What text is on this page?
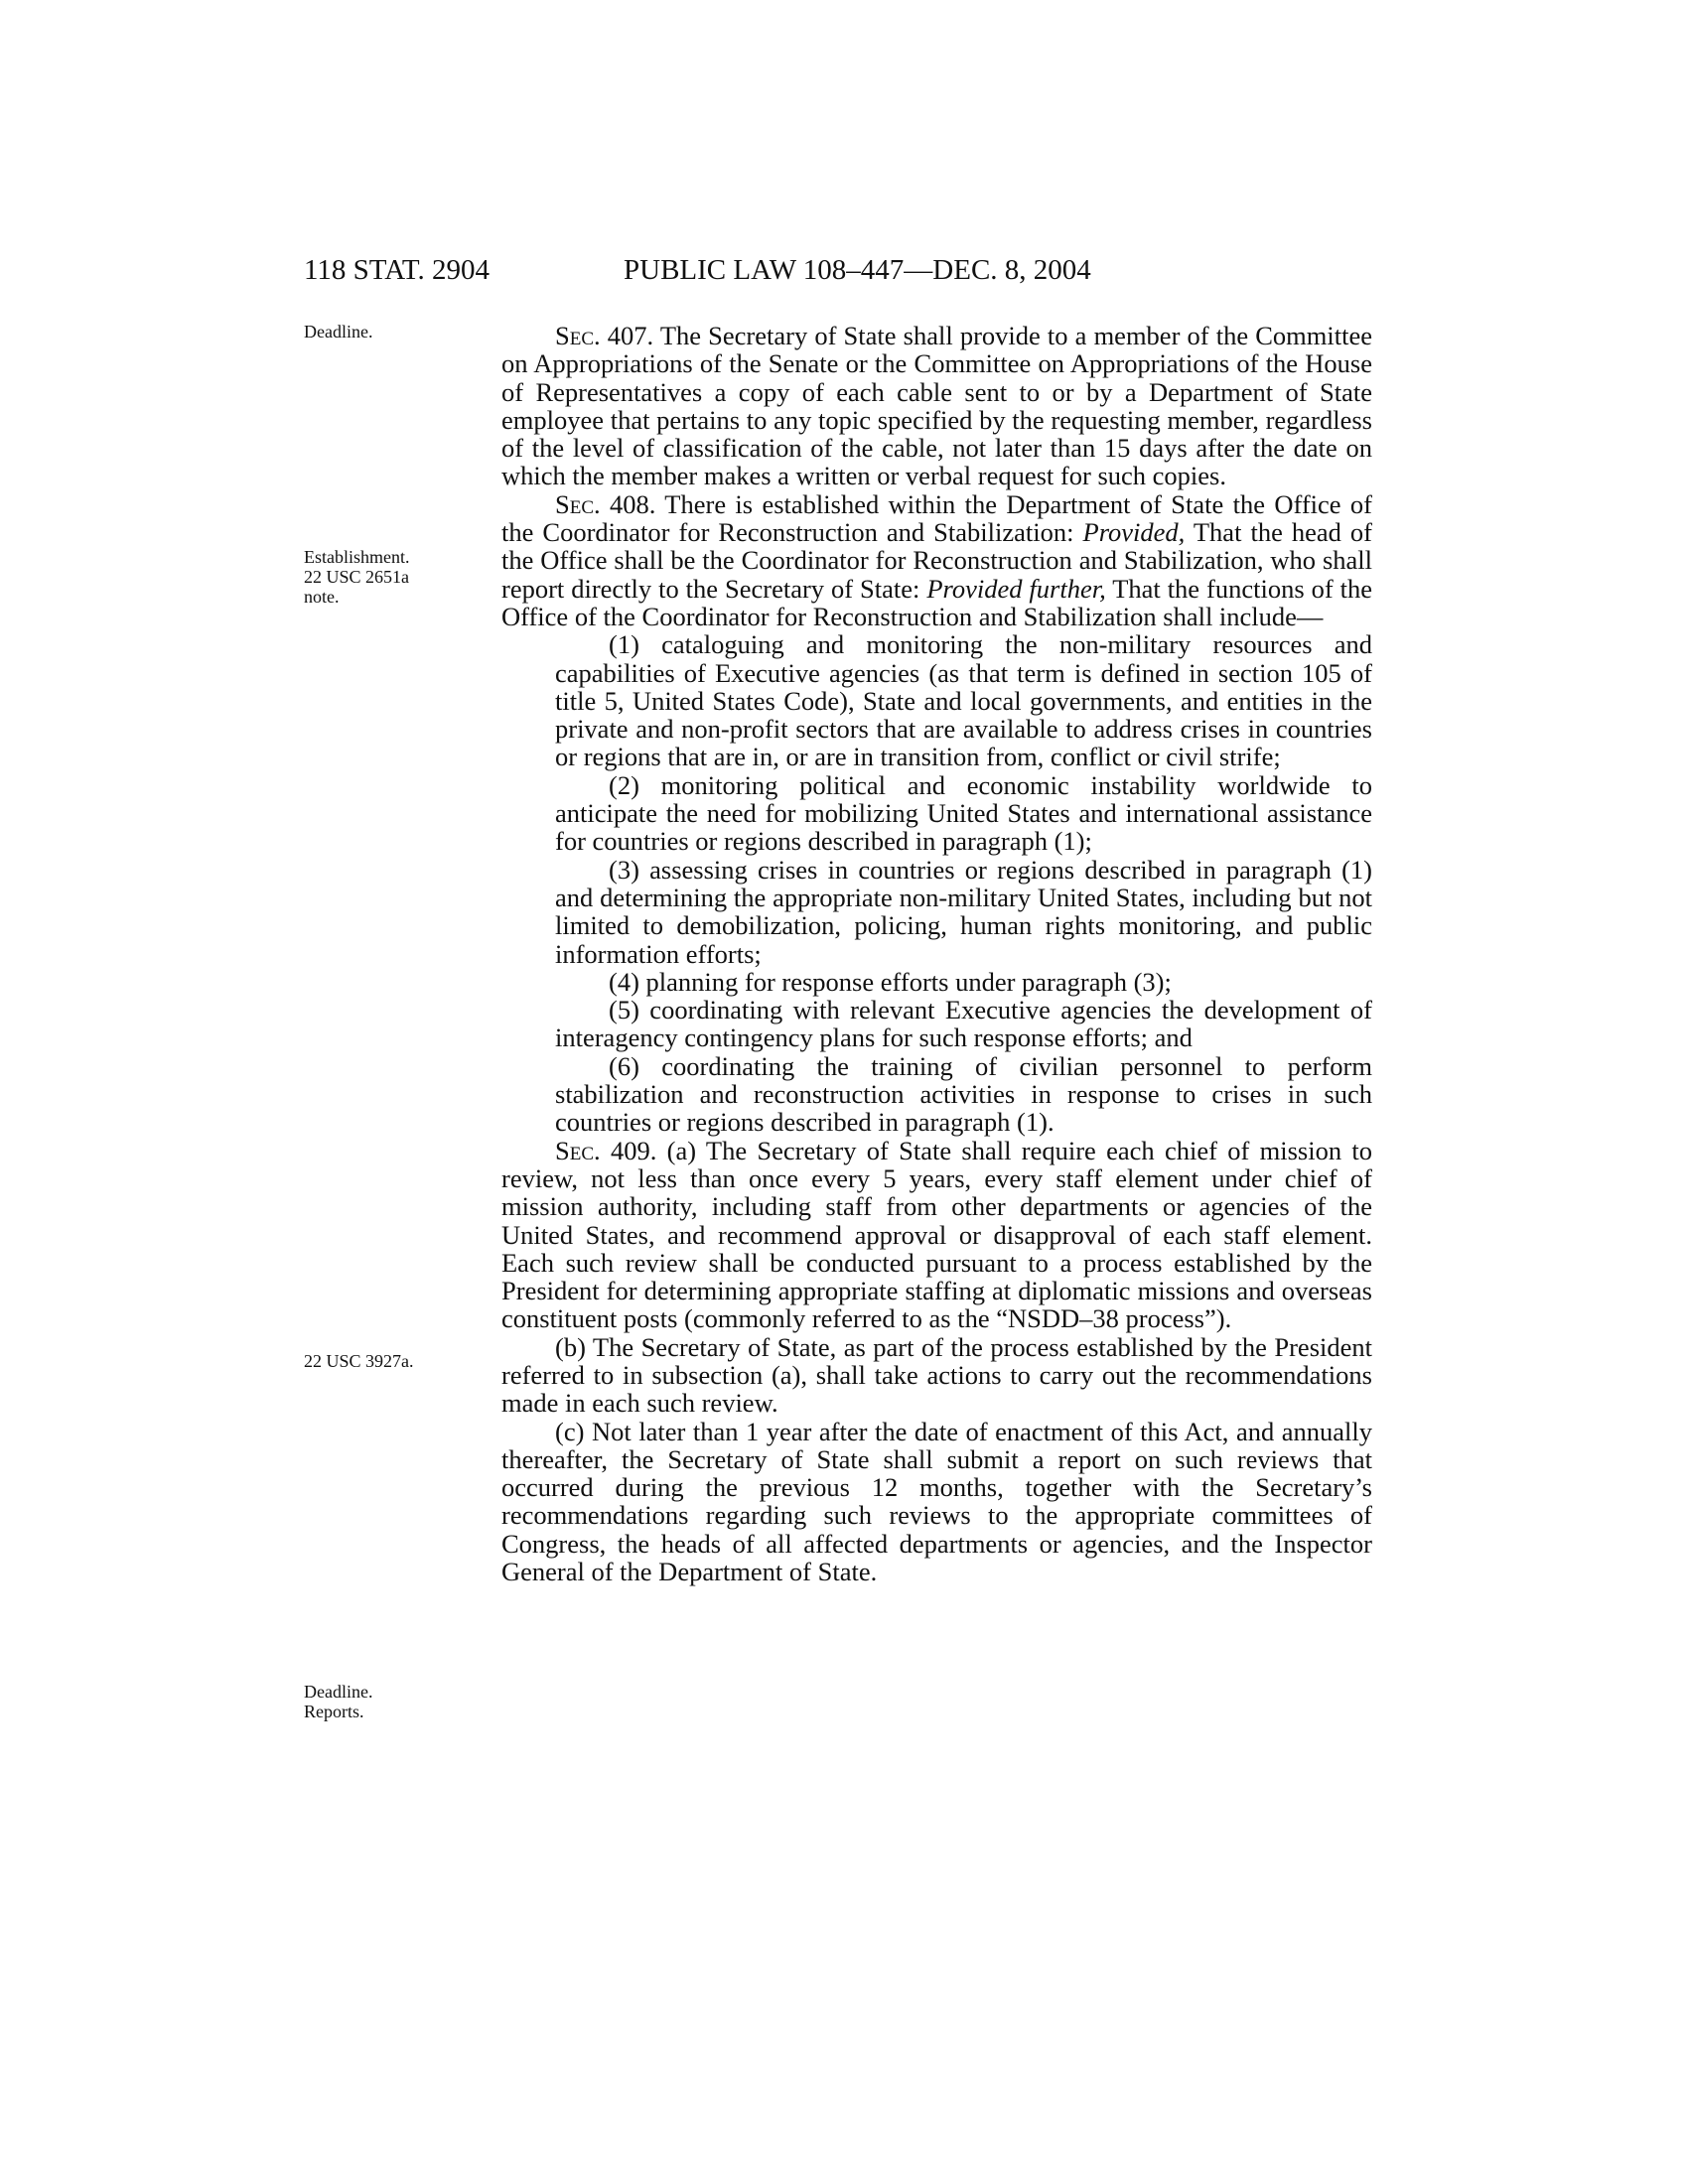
118 STAT. 2904	PUBLIC LAW 108–447—DEC. 8, 2004
Deadline.
Establishment.
22 USC 2651a
note.
22 USC 3927a.
Deadline.
Reports.

Sec. 407. The Secretary of State shall provide to a member of the Committee on Appropriations of the Senate or the Committee on Appropriations of the House of Representatives a copy of each cable sent to or by a Department of State employee that pertains to any topic specified by the requesting member, regardless of the level of classification of the cable, not later than 15 days after the date on which the member makes a written or verbal request for such copies.

Sec. 408. There is established within the Department of State the Office of the Coordinator for Reconstruction and Stabilization: Provided, That the head of the Office shall be the Coordinator for Reconstruction and Stabilization, who shall report directly to the Secretary of State: Provided further, That the functions of the Office of the Coordinator for Reconstruction and Stabilization shall include—

(1) cataloguing and monitoring the non-military resources and capabilities of Executive agencies (as that term is defined in section 105 of title 5, United States Code), State and local governments, and entities in the private and non-profit sectors that are available to address crises in countries or regions that are in, or are in transition from, conflict or civil strife;

(2) monitoring political and economic instability worldwide to anticipate the need for mobilizing United States and international assistance for countries or regions described in paragraph (1);

(3) assessing crises in countries or regions described in paragraph (1) and determining the appropriate non-military United States, including but not limited to demobilization, policing, human rights monitoring, and public information efforts;

(4) planning for response efforts under paragraph (3);

(5) coordinating with relevant Executive agencies the development of interagency contingency plans for such response efforts; and

(6) coordinating the training of civilian personnel to perform stabilization and reconstruction activities in response to crises in such countries or regions described in paragraph (1).

Sec. 409. (a) The Secretary of State shall require each chief of mission to review, not less than once every 5 years, every staff element under chief of mission authority, including staff from other departments or agencies of the United States, and recommend approval or disapproval of each staff element. Each such review shall be conducted pursuant to a process established by the President for determining appropriate staffing at diplomatic missions and overseas constituent posts (commonly referred to as the “NSDD–38 process”).

(b) The Secretary of State, as part of the process established by the President referred to in subsection (a), shall take actions to carry out the recommendations made in each such review.

(c) Not later than 1 year after the date of enactment of this Act, and annually thereafter, the Secretary of State shall submit a report on such reviews that occurred during the previous 12 months, together with the Secretary’s recommendations regarding such reviews to the appropriate committees of Congress, the heads of all affected departments or agencies, and the Inspector General of the Department of State.
